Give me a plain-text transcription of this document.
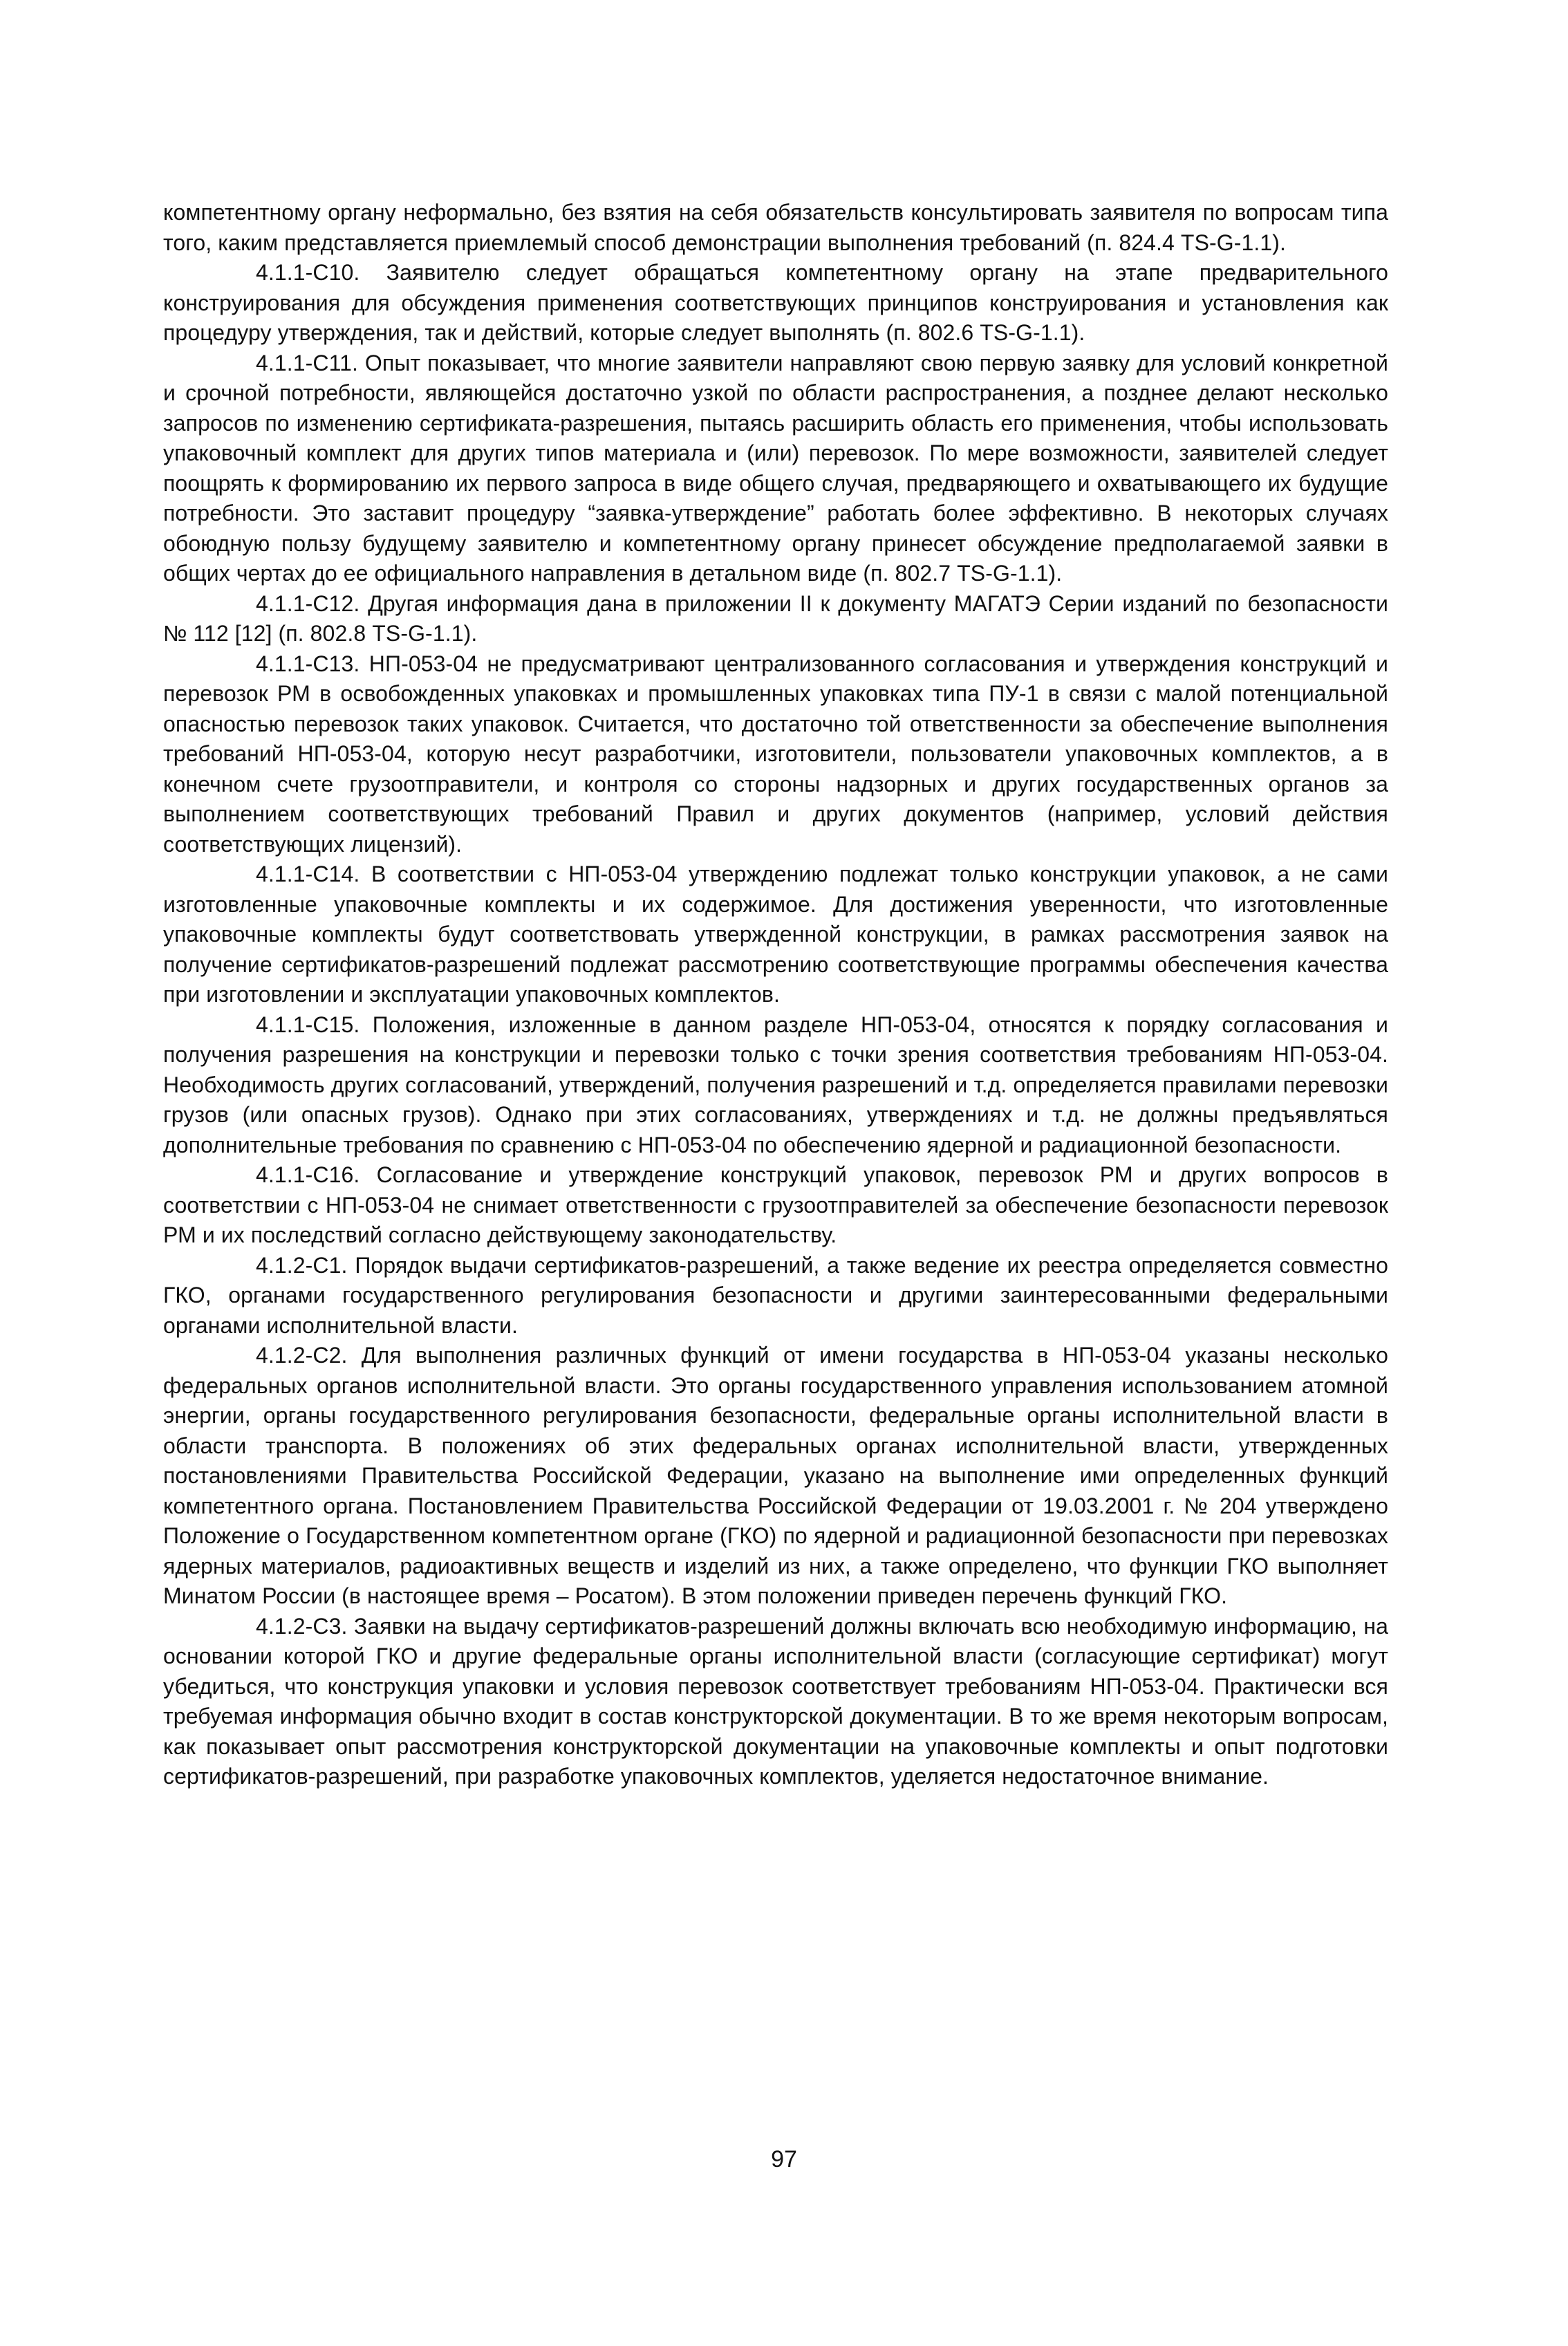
компетентному органу неформально, без взятия на себя обязательств консультировать заявителя по вопросам типа того, каким представляется приемлемый способ демонстрации выполнения требований (п. 824.4 TS-G-1.1).

4.1.1-С10. Заявителю следует обращаться компетентному органу на этапе предварительного конструирования для обсуждения применения соответствующих принципов конструирования и установления как процедуру утверждения, так и действий, которые следует выполнять (п. 802.6 TS-G-1.1).

4.1.1-С11. Опыт показывает, что многие заявители направляют свою первую заявку для условий конкретной и срочной потребности, являющейся достаточно узкой по области распространения, а позднее делают несколько запросов по изменению сертификата-разрешения, пытаясь расширить область его применения, чтобы использовать упаковочный комплект для других типов материала и (или) перевозок. По мере возможности, заявителей следует поощрять к формированию их первого запроса в виде общего случая, предваряющего и охватывающего их будущие потребности. Это заставит процедуру “заявка-утверждение” работать более эффективно. В некоторых случаях обоюдную пользу будущему заявителю и компетентному органу принесет обсуждение предполагаемой заявки в общих чертах до ее официального направления в детальном виде (п. 802.7 TS-G-1.1).

4.1.1-С12. Другая информация дана в приложении II к документу МАГАТЭ Серии изданий по безопасности № 112 [12] (п. 802.8 TS-G-1.1).

4.1.1-С13. НП-053-04 не предусматривают централизованного согласования и утверждения конструкций и перевозок РМ в освобожденных упаковках и промышленных упаковках типа ПУ-1 в связи с малой потенциальной опасностью перевозок таких упаковок. Считается, что достаточно той ответственности за обеспечение выполнения требований НП-053-04, которую несут разработчики, изготовители, пользователи упаковочных комплектов, а в конечном счете грузоотправители, и контроля со стороны надзорных и других государственных органов за выполнением соответствующих требований Правил и других документов (например, условий действия соответствующих лицензий).

4.1.1-С14. В соответствии с НП-053-04 утверждению подлежат только конструкции упаковок, а не сами изготовленные упаковочные комплекты и их содержимое. Для достижения уверенности, что изготовленные упаковочные комплекты будут соответствовать утвержденной конструкции, в рамках рассмотрения заявок на получение сертификатов-разрешений подлежат рассмотрению соответствующие программы обеспечения качества при изготовлении и эксплуатации упаковочных комплектов.

4.1.1-С15. Положения, изложенные в данном разделе НП-053-04, относятся к порядку согласования и получения разрешения на конструкции и перевозки только с точки зрения соответствия требованиям НП-053-04. Необходимость других согласований, утверждений, получения разрешений и т.д. определяется правилами перевозки грузов (или опасных грузов). Однако при этих согласованиях, утверждениях и т.д. не должны предъявляться дополнительные требования по сравнению с НП-053-04 по обеспечению ядерной и радиационной безопасности.

4.1.1-С16. Согласование и утверждение конструкций упаковок, перевозок РМ и других вопросов в соответствии с НП-053-04 не снимает ответственности с грузоотправителей за обеспечение безопасности перевозок РМ и их последствий согласно действующему законодательству.

4.1.2-С1. Порядок выдачи сертификатов-разрешений, а также ведение их реестра определяется совместно ГКО, органами государственного регулирования безопасности и другими заинтересованными федеральными органами исполнительной власти.

4.1.2-С2. Для выполнения различных функций от имени государства в НП-053-04 указаны несколько федеральных органов исполнительной власти. Это органы государственного управления использованием атомной энергии, органы государственного регулирования безопасности, федеральные органы исполнительной власти в области транспорта. В положениях об этих федеральных органах исполнительной власти, утвержденных постановлениями Правительства Российской Федерации, указано на выполнение ими определенных функций компетентного органа. Постановлением Правительства Российской Федерации от 19.03.2001 г. № 204 утверждено Положение о Государственном компетентном органе (ГКО) по ядерной и радиационной безопасности при перевозках ядерных материалов, радиоактивных веществ и изделий из них, а также определено, что функции ГКО выполняет Минатом России (в настоящее время – Росатом). В этом положении приведен перечень функций ГКО.

4.1.2-С3. Заявки на выдачу сертификатов-разрешений должны включать всю необходимую информацию, на основании которой ГКО и другие федеральные органы исполнительной власти (согласующие сертификат) могут убедиться, что конструкция упаковки и условия перевозок соответствует требованиям НП-053-04. Практически вся требуемая информация обычно входит в состав конструкторской документации. В то же время некоторым вопросам, как показывает опыт рассмотрения конструкторской документации на упаковочные комплекты и опыт подготовки сертификатов-разрешений, при разработке упаковочных комплектов, уделяется недостаточное внимание.

97
